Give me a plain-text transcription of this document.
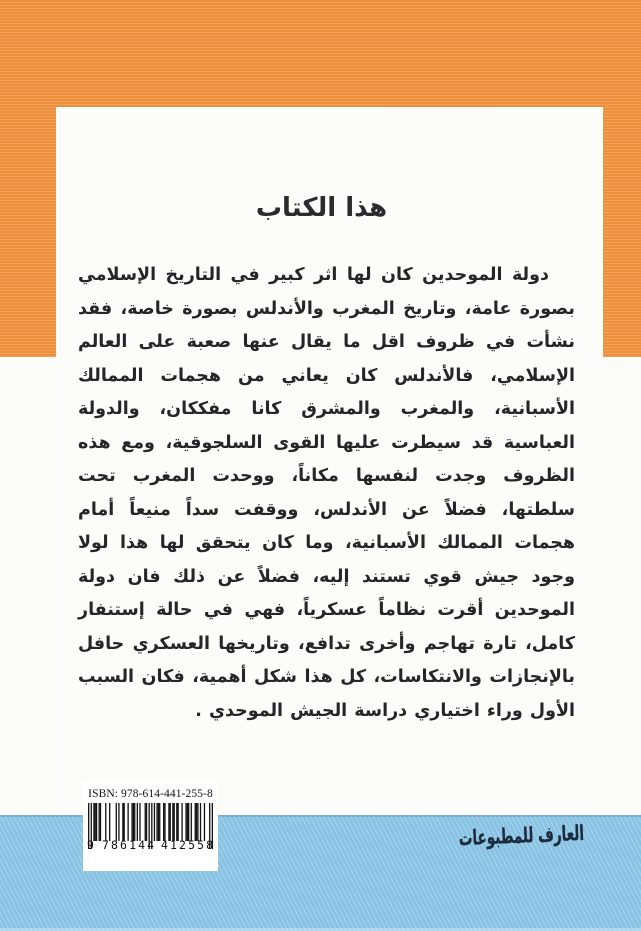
هذا الكتاب

دولة الموحدين كان لها اثر كبير في التاريخ الإسلامي بصورة عامة، وتاريخ المغرب والأندلس بصورة خاصة، فقد نشأت في ظروف اقل ما يقال عنها صعبة على العالم الإسلامي، فالأندلس كان يعاني من هجمات الممالك الأسبانية، والمغرب والمشرق كانا مفككان، والدولة العباسية قد سيطرت عليها القوى السلجوقية، ومع هذه الظروف وجدت لنفسها مكاناً، ووحدت المغرب تحت سلطتها، فضلاً عن الأندلس، ووقفت سداً منيعاً أمام هجمات الممالك الأسبانية، وما كان يتحقق لها هذا لولا وجود جيش قوي تستند إليه، فضلاً عن ذلك فان دولة الموحدين أقرت نظاماً عسكرياً، فهي في حالة إستنفار كامل، تارة تهاجم وأخرى تدافع، وتاريخها العسكري حافل بالإنجازات والانتكاسات، كل هذا شكل أهمية، فكان السبب الأول وراء اختياري دراسة الجيش الموحدي .

ISBN: 978-614-441-255-8
9 786144 412558	العارف للمطبوعات
